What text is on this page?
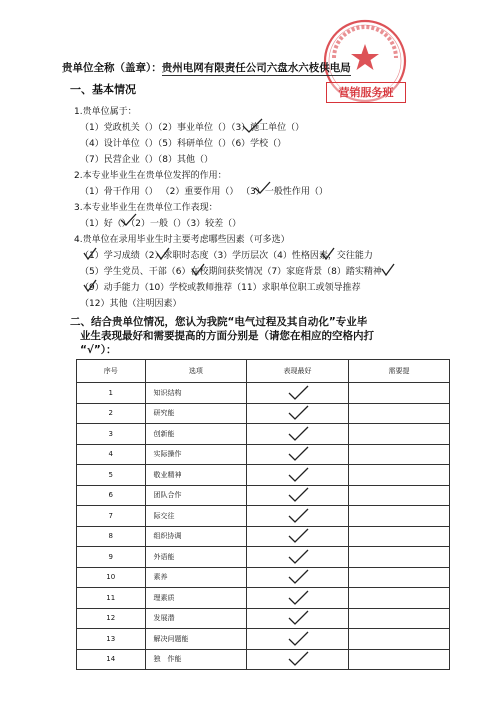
营销服务班
贵单位全称（盖章）：贵州电网有限责任公司六盘水六枝供电局
一、基本情况
1.贵单位属于：
（1）党政机关（）（2）事业单位（）（3）施工单位（）
（4）设计单位（）（5）科研单位（）（6）学校（）
（7）民营企业（）（8）其他（）
2.本专业毕业生在贵单位发挥的作用：
（1）骨干作用（） （2）重要作用（） （3）一般性作用（）
3.本专业毕业生在贵单位工作表现：
（1）好（）（2）一般（）（3）较差（）
4.贵单位在录用毕业生时主要考虑哪些因素（可多选）
（1）学习成绩（2）求职时态度（3）学历层次（4）性格因素，交往能力
（5）学生党员、干部（6）在校期间获奖情况（7）家庭背景（8）踏实精神
（9）动手能力（10）学校或教师推荐（11）求职单位职工或领导推荐
（12）其他（注明因素）
二、结合贵单位情况，您认为我院“电气过程及其自动化”专业毕
业生表现最好和需要提高的方面分别是（请您在相应的空格内打
“√”）：
序号	选项	表现最好	需要提
1	知识结构	

2	研究能	

3	创新能	

4	实际操作	

5	敬业精神	

6	团队合作	

7	际交往	

8	组织协调	

9	外语能	

10	素养	

11	理素质	

12	发展潜	

13	解决问题能	

14	独　作能	
